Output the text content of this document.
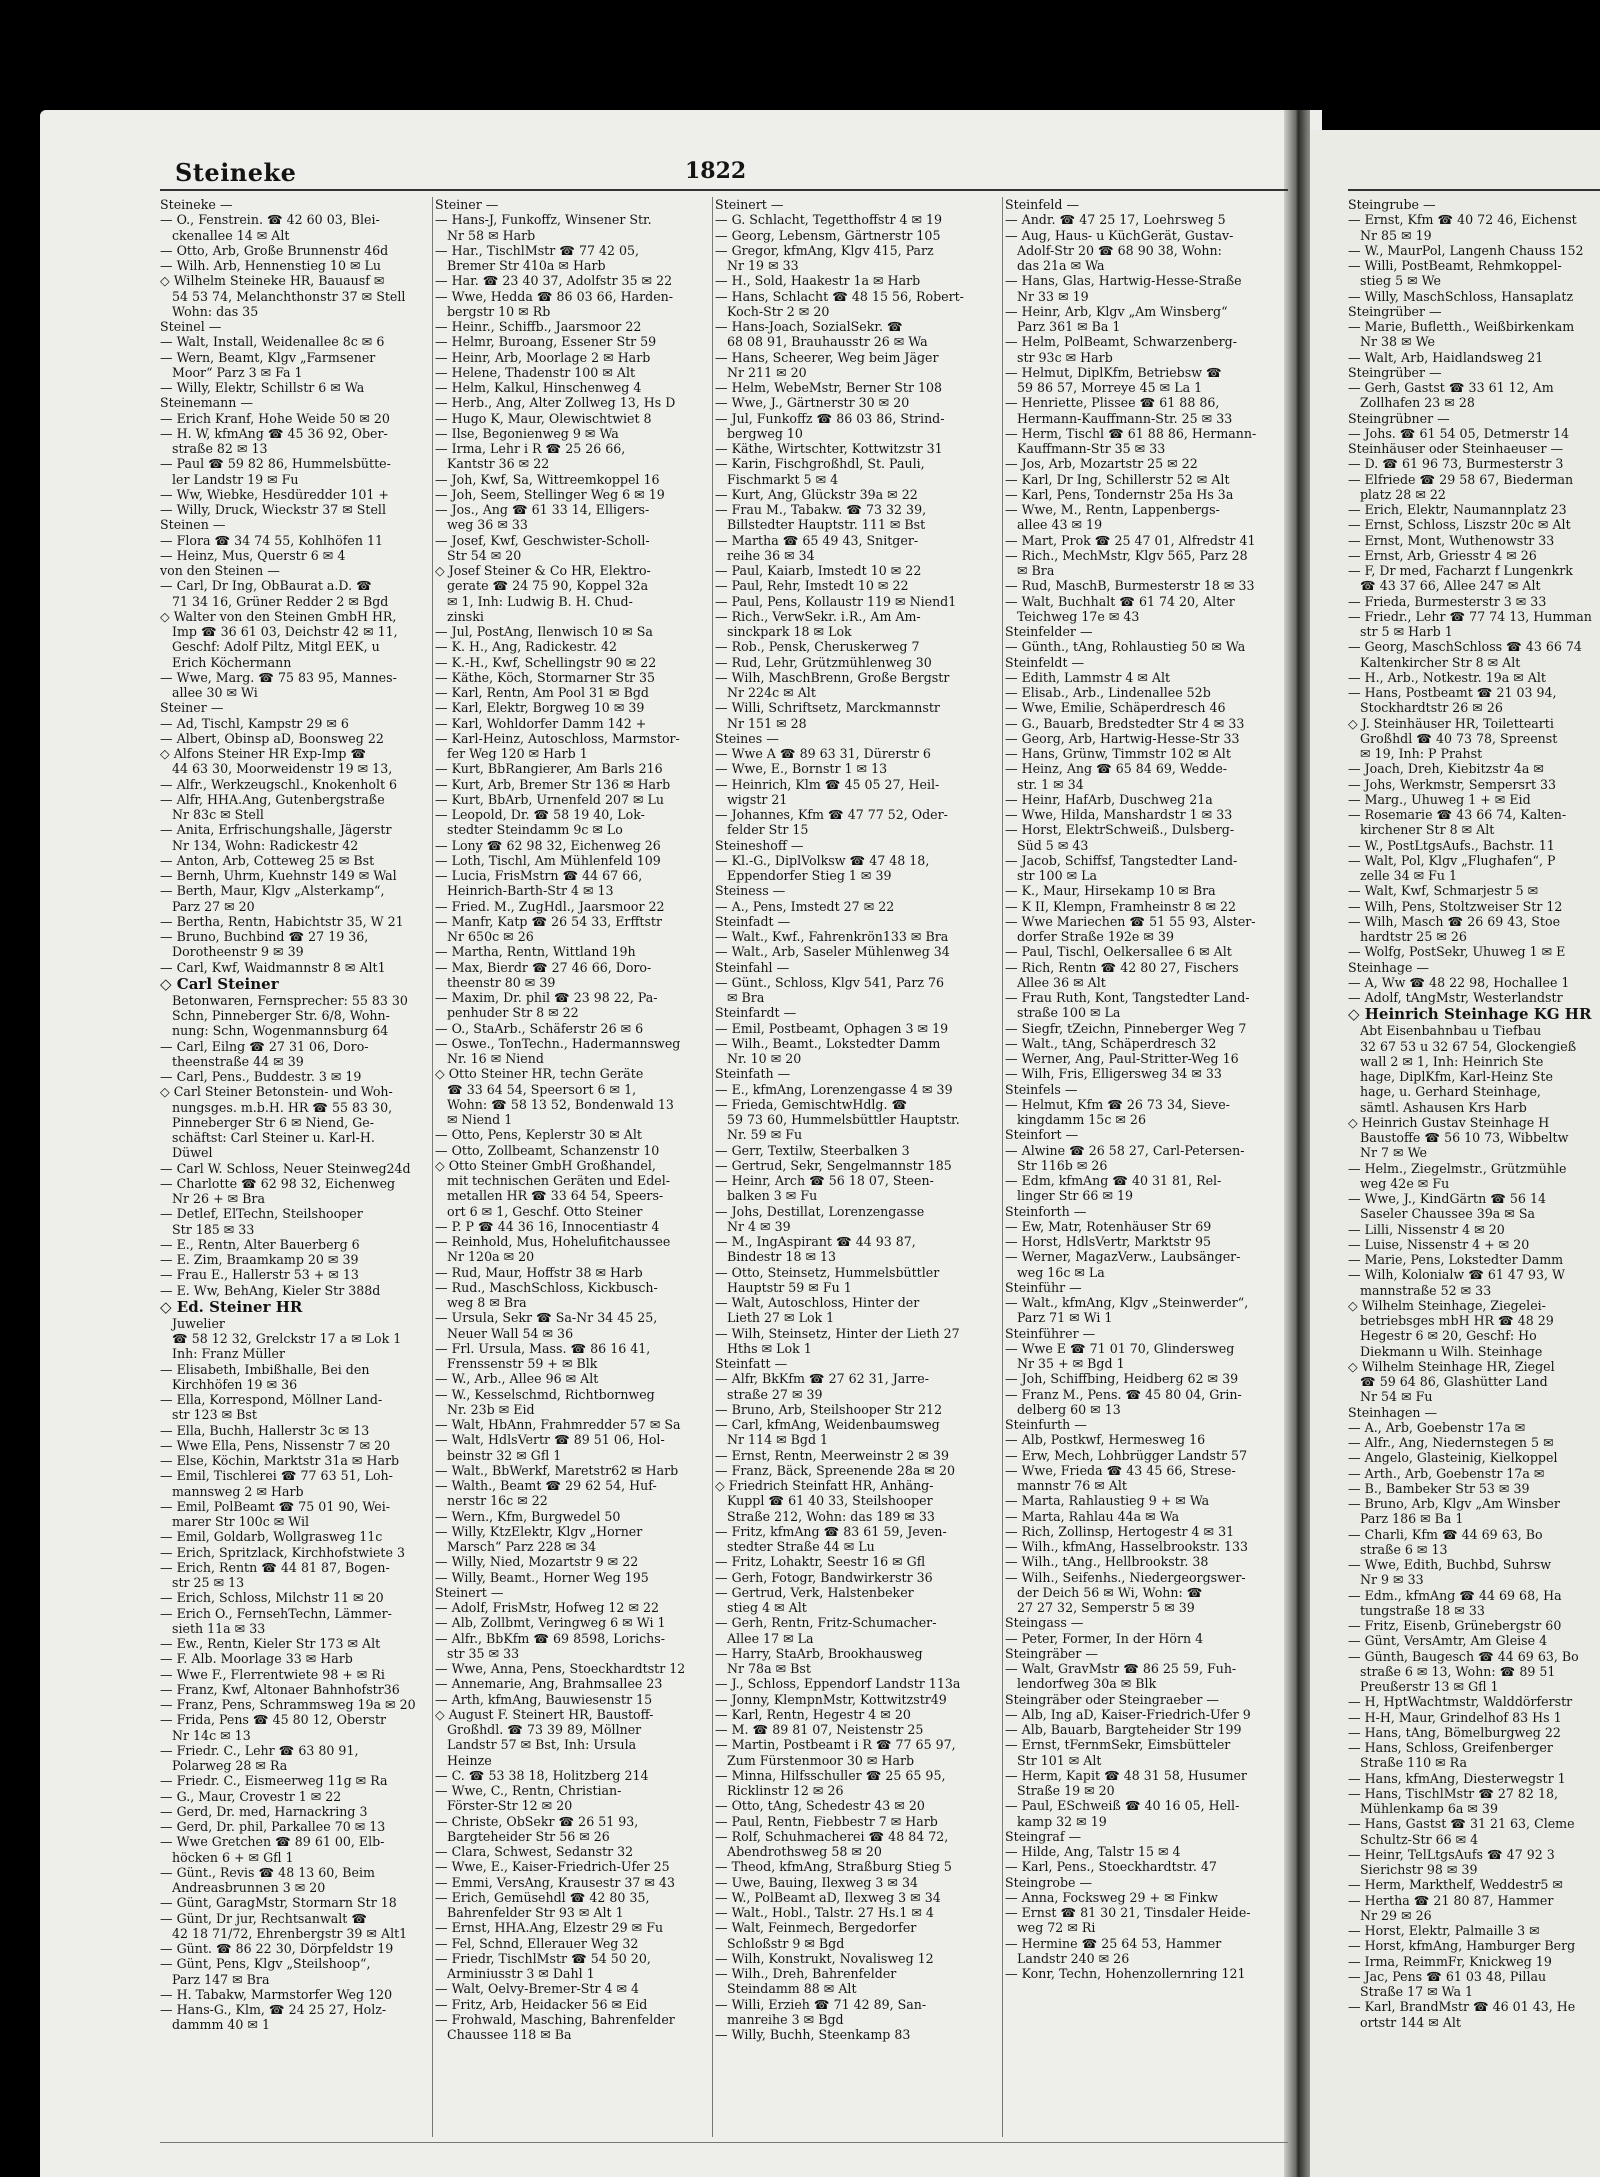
Steineke	1822
Steineke —
— O., Fenstrein. ☎ 42 60 03, Blei-
ckenallee 14 ✉ Alt
— Otto, Arb, Große Brunnenstr 46d
— Wilh. Arb, Hennenstieg 10 ✉ Lu
◇ Wilhelm Steineke HR, Bauausf ✉
54 53 74, Melanchthonstr 37 ✉ Stell
Wohn: das 35
Steinel —
— Walt, Install, Weidenallee 8c ✉ 6
— Wern, Beamt, Klgv „Farmsener
Moor“ Parz 3 ✉ Fa 1
— Willy, Elektr, Schillstr 6 ✉ Wa
Steinemann —
— Erich Kranf, Hohe Weide 50 ✉ 20
— H. W, kfmAng ☎ 45 36 92, Ober-
straße 82 ✉ 13
— Paul ☎ 59 82 86, Hummelsbütte-
ler Landstr 19 ✉ Fu
— Ww, Wiebke, Hesdüredder 101 +
— Willy, Druck, Wieckstr 37 ✉ Stell
Steinen —
— Flora ☎ 34 74 55, Kohlhöfen 11
— Heinz, Mus, Querstr 6 ✉ 4
von den Steinen —
— Carl, Dr Ing, ObBaurat a.D. ☎
71 34 16, Grüner Redder 2 ✉ Bgd
◇ Walter von den Steinen GmbH HR,
Imp ☎ 36 61 03, Deichstr 42 ✉ 11,
Geschf: Adolf Piltz, Mitgl EEK, u
Erich Köchermann
— Wwe, Marg. ☎ 75 83 95, Mannes-
allee 30 ✉ Wi
Steiner —
— Ad, Tischl, Kampstr 29 ✉ 6
— Albert, Obinsp aD, Boonsweg 22
◇ Alfons Steiner HR Exp-Imp ☎
44 63 30, Moorweidenstr 19 ✉ 13,
— Alfr., Werkzeugschl., Knokenholt 6
— Alfr, HHA.Ang, Gutenbergstraße
Nr 83c ✉ Stell
— Anita, Erfrischungshalle, Jägerstr
Nr 134, Wohn: Radickestr 42
— Anton, Arb, Cotteweg 25 ✉ Bst
— Bernh, Uhrm, Kuehnstr 149 ✉ Wal
— Berth, Maur, Klgv „Alsterkamp“,
Parz 27 ✉ 20
— Bertha, Rentn, Habichtstr 35, W 21
— Bruno, Buchbind ☎ 27 19 36,
Dorotheenstr 9 ✉ 39
— Carl, Kwf, Waidmannstr 8 ✉ Alt1
◇ Carl Steiner
Betonwaren, Fernsprecher: 55 83 30
Schn, Pinneberger Str. 6/8, Wohn-
nung: Schn, Wogenmannsburg 64
— Carl, Eilng ☎ 27 31 06, Doro-
theenstraße 44 ✉ 39
— Carl, Pens., Buddestr. 3 ✉ 19
◇ Carl Steiner Betonstein- und Woh-
nungsges. m.b.H. HR ☎ 55 83 30,
Pinneberger Str 6 ✉ Niend, Ge-
schäftst: Carl Steiner u. Karl-H.
Düwel
— Carl W. Schloss, Neuer Steinweg24d
— Charlotte ☎ 62 98 32, Eichenweg
Nr 26 + ✉ Bra
— Detlef, ElTechn, Steilshooper
Str 185 ✉ 33
— E., Rentn, Alter Bauerberg 6
— E. Zim, Braamkamp 20 ✉ 39
— Frau E., Hallerstr 53 + ✉ 13
— E. Ww, BehAng, Kieler Str 388d
◇ Ed. Steiner HR
Juwelier
☎ 58 12 32, Grelckstr 17 a ✉ Lok 1
Inh: Franz Müller
— Elisabeth, Imbißhalle, Bei den
Kirchhöfen 19 ✉ 36
— Ella, Korrespond, Möllner Land-
str 123 ✉ Bst
— Ella, Buchh, Hallerstr 3c ✉ 13
— Wwe Ella, Pens, Nissenstr 7 ✉ 20
— Else, Köchin, Marktstr 31a ✉ Harb
— Emil, Tischlerei ☎ 77 63 51, Loh-
mannsweg 2 ✉ Harb
— Emil, PolBeamt ☎ 75 01 90, Wei-
marer Str 100c ✉ Wil
— Emil, Goldarb, Wollgrasweg 11c
— Erich, Spritzlack, Kirchhofstwiete 3
— Erich, Rentn ☎ 44 81 87, Bogen-
str 25 ✉ 13
— Erich, Schloss, Milchstr 11 ✉ 20
— Erich O., FernsehTechn, Lämmer-
sieth 11a ✉ 33
— Ew., Rentn, Kieler Str 173 ✉ Alt
— F. Alb. Moorlage 33 ✉ Harb
— Wwe F., Flerrentwiete 98 + ✉ Ri
— Franz, Kwf, Altonaer Bahnhofstr36
— Franz, Pens, Schrammsweg 19a ✉ 20
— Frida, Pens ☎ 45 80 12, Oberstr
Nr 14c ✉ 13
— Friedr. C., Lehr ☎ 63 80 91,
Polarweg 28 ✉ Ra
— Friedr. C., Eismeerweg 11g ✉ Ra
— G., Maur, Crovestr 1 ✉ 22
— Gerd, Dr. med, Harnackring 3
— Gerd, Dr. phil, Parkallee 70 ✉ 13
— Wwe Gretchen ☎ 89 61 00, Elb-
höcken 6 + ✉ Gfl 1
— Günt., Revis ☎ 48 13 60, Beim
Andreasbrunnen 3 ✉ 20
— Günt, GaragMstr, Stormarn Str 18
— Günt, Dr jur, Rechtsanwalt ☎
42 18 71/72, Ehrenbergstr 39 ✉ Alt1
— Günt. ☎ 86 22 30, Dörpfeldstr 19
— Günt, Pens, Klgv „Steilshoop“,
Parz 147 ✉ Bra
— H. Tabakw, Marmstorfer Weg 120
— Hans-G., Klm, ☎ 24 25 27, Holz-
dammm 40 ✉ 1
Steiner —
— Hans-J, Funkoffz, Winsener Str.
Nr 58 ✉ Harb
— Har., TischlMstr ☎ 77 42 05,
Bremer Str 410a ✉ Harb
— Har. ☎ 23 40 37, Adolfstr 35 ✉ 22
— Wwe, Hedda ☎ 86 03 66, Harden-
bergstr 10 ✉ Rb
— Heinr., Schiffb., Jaarsmoor 22
— Helmr, Buroang, Essener Str 59
— Heinr, Arb, Moorlage 2 ✉ Harb
— Helene, Thadenstr 100 ✉ Alt
— Helm, Kalkul, Hinschenweg 4
— Herb., Ang, Alter Zollweg 13, Hs D
— Hugo K, Maur, Olewischtwiet 8
— Ilse, Begonienweg 9 ✉ Wa
— Irma, Lehr i R ☎ 25 26 66,
Kantstr 36 ✉ 22
— Joh, Kwf, Sa, Wittreemkoppel 16
— Joh, Seem, Stellinger Weg 6 ✉ 19
— Jos., Ang ☎ 61 33 14, Elligers-
weg 36 ✉ 33
— Josef, Kwf, Geschwister-Scholl-
Str 54 ✉ 20
◇ Josef Steiner & Co HR, Elektro-
gerate ☎ 24 75 90, Koppel 32a
✉ 1, Inh: Ludwig B. H. Chud-
zinski
— Jul, PostAng, Ilenwisch 10 ✉ Sa
— K. H., Ang, Radickestr. 42
— K.-H., Kwf, Schellingstr 90 ✉ 22
— Käthe, Köch, Stormarner Str 35
— Karl, Rentn, Am Pool 31 ✉ Bgd
— Karl, Elektr, Borgweg 10 ✉ 39
— Karl, Wohldorfer Damm 142 +
— Karl-Heinz, Autoschloss, Marmstor-
fer Weg 120 ✉ Harb 1
— Kurt, BbRangierer, Am Barls 216
— Kurt, Arb, Bremer Str 136 ✉ Harb
— Kurt, BbArb, Urnenfeld 207 ✉ Lu
— Leopold, Dr. ☎ 58 19 40, Lok-
stedter Steindamm 9c ✉ Lo
— Lony ☎ 62 98 32, Eichenweg 26
— Loth, Tischl, Am Mühlenfeld 109
— Lucia, FrisMstrn ☎ 44 67 66,
Heinrich-Barth-Str 4 ✉ 13
— Fried. M., ZugHdl., Jaarsmoor 22
— Manfr, Katp ☎ 26 54 33, Erfftstr
Nr 650c ✉ 26
— Martha, Rentn, Wittland 19h
— Max, Bierdr ☎ 27 46 66, Doro-
theenstr 80 ✉ 39
— Maxim, Dr. phil ☎ 23 98 22, Pa-
penhuder Str 8 ✉ 22
— O., StaArb., Schäferstr 26 ✉ 6
— Oswe., TonTechn., Hadermannsweg
Nr. 16 ✉ Niend
◇ Otto Steiner HR, techn Geräte
☎ 33 64 54, Speersort 6 ✉ 1,
Wohn: ☎ 58 13 52, Bondenwald 13
✉ Niend 1
— Otto, Pens, Keplerstr 30 ✉ Alt
— Otto, Zollbeamt, Schanzenstr 10
◇ Otto Steiner GmbH Großhandel,
mit technischen Geräten und Edel-
metallen HR ☎ 33 64 54, Speers-
ort 6 ✉ 1, Geschf. Otto Steiner
— P. P ☎ 44 36 16, Innocentiastr 4
— Reinhold, Mus, Hohelufitchaussee
Nr 120a ✉ 20
— Rud, Maur, Hoffstr 38 ✉ Harb
— Rud., MaschSchloss, Kickbusch-
weg 8 ✉ Bra
— Ursula, Sekr ☎ Sa-Nr 34 45 25,
Neuer Wall 54 ✉ 36
— Frl. Ursula, Mass. ☎ 86 16 41,
Frenssenstr 59 + ✉ Blk
— W., Arb., Allee 96 ✉ Alt
— W., Kesselschmd, Richtbornweg
Nr. 23b ✉ Eid
— Walt, HbAnn, Frahmredder 57 ✉ Sa
— Walt, HdlsVertr ☎ 89 51 06, Hol-
beinstr 32 ✉ Gfl 1
— Walt., BbWerkf, Maretstr62 ✉ Harb
— Walth., Beamt ☎ 29 62 54, Huf-
nerstr 16c ✉ 22
— Wern., Kfm, Burgwedel 50
— Willy, KtzElektr, Klgv „Horner
Marsch“ Parz 228 ✉ 34
— Willy, Nied, Mozartstr 9 ✉ 22
— Willy, Beamt., Horner Weg 195
Steinert —
— Adolf, FrisMstr, Hofweg 12 ✉ 22
— Alb, Zollbmt, Veringweg 6 ✉ Wi 1
— Alfr., BbKfm ☎ 69 8598, Lorichs-
str 35 ✉ 33
— Wwe, Anna, Pens, Stoeckhardtstr 12
— Annemarie, Ang, Brahmsallee 23
— Arth, kfmAng, Bauwiesenstr 15
◇ August F. Steinert HR, Baustoff-
Großhdl. ☎ 73 39 89, Möllner
Landstr 57 ✉ Bst, Inh: Ursula
Heinze
— C. ☎ 53 38 18, Holitzberg 214
— Wwe, C., Rentn, Christian-
Förster-Str 12 ✉ 20
— Christe, ObSekr ☎ 26 51 93,
Bargteheider Str 56 ✉ 26
— Clara, Schwest, Sedanstr 32
— Wwe, E., Kaiser-Friedrich-Ufer 25
— Emmi, VersAng, Krausestr 37 ✉ 43
— Erich, Gemüsehdl ☎ 42 80 35,
Bahrenfelder Str 93 ✉ Alt 1
— Ernst, HHA.Ang, Elzestr 29 ✉ Fu
— Fel, Schnd, Ellerauer Weg 32
— Friedr, TischlMstr ☎ 54 50 20,
Arminiusstr 3 ✉ Dahl 1
— Walt, Oelvy-Bremer-Str 4 ✉ 4
— Fritz, Arb, Heidacker 56 ✉ Eid
— Frohwald, Masching, Bahrenfelder
Chaussee 118 ✉ Ba
Steinert —
— G. Schlacht, Tegetthoffstr 4 ✉ 19
— Georg, Lebensm, Gärtnerstr 105
— Gregor, kfmAng, Klgv 415, Parz
Nr 19 ✉ 33
— H., Sold, Haakestr 1a ✉ Harb
— Hans, Schlacht ☎ 48 15 56, Robert-
Koch-Str 2 ✉ 20
— Hans-Joach, SozialSekr. ☎
68 08 91, Brauhausstr 26 ✉ Wa
— Hans, Scheerer, Weg beim Jäger
Nr 211 ✉ 20
— Helm, WebeMstr, Berner Str 108
— Wwe, J., Gärtnerstr 30 ✉ 20
— Jul, Funkoffz ☎ 86 03 86, Strind-
bergweg 10
— Käthe, Wirtschter, Kottwitzstr 31
— Karin, Fischgroßhdl, St. Pauli,
Fischmarkt 5 ✉ 4
— Kurt, Ang, Glückstr 39a ✉ 22
— Frau M., Tabakw. ☎ 73 32 39,
Billstedter Hauptstr. 111 ✉ Bst
— Martha ☎ 65 49 43, Snitger-
reihe 36 ✉ 34
— Paul, Kaiarb, Imstedt 10 ✉ 22
— Paul, Rehr, Imstedt 10 ✉ 22
— Paul, Pens, Kollaustr 119 ✉ Niend1
— Rich., VerwSekr. i.R., Am Am-
sinckpark 18 ✉ Lok
— Rob., Pensk, Cheruskerweg 7
— Rud, Lehr, Grützmühlenweg 30
— Wilh, MaschBrenn, Große Bergstr
Nr 224c ✉ Alt
— Willi, Schriftsetz, Marckmannstr
Nr 151 ✉ 28
Steines —
— Wwe A ☎ 89 63 31, Dürerstr 6
— Wwe, E., Bornstr 1 ✉ 13
— Heinrich, Klm ☎ 45 05 27, Heil-
wigstr 21
— Johannes, Kfm ☎ 47 77 52, Oder-
felder Str 15
Steineshoff —
— Kl.-G., DiplVolksw ☎ 47 48 18,
Eppendorfer Stieg 1 ✉ 39
Steiness —
— A., Pens, Imstedt 27 ✉ 22
Steinfadt —
— Walt., Kwf., Fahrenkrön133 ✉ Bra
— Walt., Arb, Saseler Mühlenweg 34
Steinfahl —
— Günt., Schloss, Klgv 541, Parz 76
✉ Bra
Steinfardt —
— Emil, Postbeamt, Ophagen 3 ✉ 19
— Wilh., Beamt., Lokstedter Damm
Nr. 10 ✉ 20
Steinfath —
— E., kfmAng, Lorenzengasse 4 ✉ 39
— Frieda, GemischtwHdlg. ☎
59 73 60, Hummelsbüttler Hauptstr.
Nr. 59 ✉ Fu
— Gerr, Textilw, Steerbalken 3
— Gertrud, Sekr, Sengelmannstr 185
— Heinr, Arch ☎ 56 18 07, Steen-
balken 3 ✉ Fu
— Johs, Destillat, Lorenzengasse
Nr 4 ✉ 39
— M., IngAspirant ☎ 44 93 87,
Bindestr 18 ✉ 13
— Otto, Steinsetz, Hummelsbüttler
Hauptstr 59 ✉ Fu 1
— Walt, Autoschloss, Hinter der
Lieth 27 ✉ Lok 1
— Wilh, Steinsetz, Hinter der Lieth 27
Hths ✉ Lok 1
Steinfatt —
— Alfr, BkKfm ☎ 27 62 31, Jarre-
straße 27 ✉ 39
— Bruno, Arb, Steilshooper Str 212
— Carl, kfmAng, Weidenbaumsweg
Nr 114 ✉ Bgd 1
— Ernst, Rentn, Meerweinstr 2 ✉ 39
— Franz, Bäck, Spreenende 28a ✉ 20
◇ Friedrich Steinfatt HR, Anhäng-
Kuppl ☎ 61 40 33, Steilshooper
Straße 212, Wohn: das 189 ✉ 33
— Fritz, kfmAng ☎ 83 61 59, Jeven-
stedter Straße 44 ✉ Lu
— Fritz, Lohaktr, Seestr 16 ✉ Gfl
— Gerh, Fotogr, Bandwirkerstr 36
— Gertrud, Verk, Halstenbeker
stieg 4 ✉ Alt
— Gerh, Rentn, Fritz-Schumacher-
Allee 17 ✉ La
— Harry, StaArb, Brookhausweg
Nr 78a ✉ Bst
— J., Schloss, Eppendorf Landstr 113a
— Jonny, KlempnMstr, Kottwitzstr49
— Karl, Rentn, Hegestr 4 ✉ 20
— M. ☎ 89 81 07, Neistenstr 25
— Martin, Postbeamt i R ☎ 77 65 97,
Zum Fürstenmoor 30 ✉ Harb
— Minna, Hilfsschuller ☎ 25 65 95,
Ricklinstr 12 ✉ 26
— Otto, tAng, Schedestr 43 ✉ 20
— Paul, Rentn, Fiebbestr 7 ✉ Harb
— Rolf, Schuhmacherei ☎ 48 84 72,
Abendrothsweg 58 ✉ 20
— Theod, kfmAng, Straßburg Stieg 5
— Uwe, Bauing, Ilexweg 3 ✉ 34
— W., PolBeamt aD, Ilexweg 3 ✉ 34
— Walt., Hobl., Talstr. 27 Hs.1 ✉ 4
— Walt, Feinmech, Bergedorfer
Schloßstr 9 ✉ Bgd
— Wilh, Konstrukt, Novalisweg 12
— Wilh., Dreh, Bahrenfelder
Steindamm 88 ✉ Alt
— Willi, Erzieh ☎ 71 42 89, San-
manreihe 3 ✉ Bgd
— Willy, Buchh, Steenkamp 83
Steinfeld —
— Andr. ☎ 47 25 17, Loehrsweg 5
— Aug, Haus- u KüchGerät, Gustav-
Adolf-Str 20 ☎ 68 90 38, Wohn:
das 21a ✉ Wa
— Hans, Glas, Hartwig-Hesse-Straße
Nr 33 ✉ 19
— Heinr, Arb, Klgv „Am Winsberg“
Parz 361 ✉ Ba 1
— Helm, PolBeamt, Schwarzenberg-
str 93c ✉ Harb
— Helmut, DiplKfm, Betriebsw ☎
59 86 57, Morreye 45 ✉ La 1
— Henriette, Plissee ☎ 61 88 86,
Hermann-Kauffmann-Str. 25 ✉ 33
— Herm, Tischl ☎ 61 88 86, Hermann-
Kauffmann-Str 35 ✉ 33
— Jos, Arb, Mozartstr 25 ✉ 22
— Karl, Dr Ing, Schillerstr 52 ✉ Alt
— Karl, Pens, Tondernstr 25a Hs 3a
— Wwe, M., Rentn, Lappenbergs-
allee 43 ✉ 19
— Mart, Prok ☎ 25 47 01, Alfredstr 41
— Rich., MechMstr, Klgv 565, Parz 28
✉ Bra
— Rud, MaschB, Burmesterstr 18 ✉ 33
— Walt, Buchhalt ☎ 61 74 20, Alter
Teichweg 17e ✉ 43
Steinfelder —
— Günth., tAng, Rohlaustieg 50 ✉ Wa
Steinfeldt —
— Edith, Lammstr 4 ✉ Alt
— Elisab., Arb., Lindenallee 52b
— Wwe, Emilie, Schäperdresch 46
— G., Bauarb, Bredstedter Str 4 ✉ 33
— Georg, Arb, Hartwig-Hesse-Str 33
— Hans, Grünw, Timmstr 102 ✉ Alt
— Heinz, Ang ☎ 65 84 69, Wedde-
str. 1 ✉ 34
— Heinr, HafArb, Duschweg 21a
— Wwe, Hilda, Manshardstr 1 ✉ 33
— Horst, ElektrSchweiß., Dulsberg-
Süd 5 ✉ 43
— Jacob, Schiffsf, Tangstedter Land-
str 100 ✉ La
— K., Maur, Hirsekamp 10 ✉ Bra
— K II, Klempn, Framheinstr 8 ✉ 22
— Wwe Mariechen ☎ 51 55 93, Alster-
dorfer Straße 192e ✉ 39
— Paul, Tischl, Oelkersallee 6 ✉ Alt
— Rich, Rentn ☎ 42 80 27, Fischers
Allee 36 ✉ Alt
— Frau Ruth, Kont, Tangstedter Land-
straße 100 ✉ La
— Siegfr, tZeichn, Pinneberger Weg 7
— Walt., tAng, Schäperdresch 32
— Werner, Ang, Paul-Stritter-Weg 16
— Wilh, Fris, Elligersweg 34 ✉ 33
Steinfels —
— Helmut, Kfm ☎ 26 73 34, Sieve-
kingdamm 15c ✉ 26
Steinfort —
— Alwine ☎ 26 58 27, Carl-Petersen-
Str 116b ✉ 26
— Edm, kfmAng ☎ 40 31 81, Rel-
linger Str 66 ✉ 19
Steinforth —
— Ew, Matr, Rotenhäuser Str 69
— Horst, HdlsVertr, Marktstr 95
— Werner, MagazVerw., Laubsänger-
weg 16c ✉ La
Steinführ —
— Walt., kfmAng, Klgv „Steinwerder“,
Parz 71 ✉ Wi 1
Steinführer —
— Wwe E ☎ 71 01 70, Glindersweg
Nr 35 + ✉ Bgd 1
— Joh, Schiffbing, Heidberg 62 ✉ 39
— Franz M., Pens. ☎ 45 80 04, Grin-
delberg 60 ✉ 13
Steinfurth —
— Alb, Postkwf, Hermesweg 16
— Erw, Mech, Lohbrügger Landstr 57
— Wwe, Frieda ☎ 43 45 66, Strese-
mannstr 76 ✉ Alt
— Marta, Rahlaustieg 9 + ✉ Wa
— Marta, Rahlau 44a ✉ Wa
— Rich, Zollinsp, Hertogestr 4 ✉ 31
— Wilh., kfmAng, Hasselbrookstr. 133
— Wilh., tAng., Hellbrookstr. 38
— Wilh., Seifenhs., Niedergeorgswer-
der Deich 56 ✉ Wi, Wohn: ☎
27 27 32, Semperstr 5 ✉ 39
Steingass —
— Peter, Former, In der Hörn 4
Steingräber —
— Walt, GravMstr ☎ 86 25 59, Fuh-
lendorfweg 30a ✉ Blk
Steingräber oder Steingraeber —
— Alb, Ing aD, Kaiser-Friedrich-Ufer 9
— Alb, Bauarb, Bargteheider Str 199
— Ernst, tFernmSekr, Eimsbütteler
Str 101 ✉ Alt
— Herm, Kapit ☎ 48 31 58, Husumer
Straße 19 ✉ 20
— Paul, ESchweiß ☎ 40 16 05, Hell-
kamp 32 ✉ 19
Steingraf —
— Hilde, Ang, Talstr 15 ✉ 4
— Karl, Pens., Stoeckhardtstr. 47
Steingrobe —
— Anna, Focksweg 29 + ✉ Finkw
— Ernst ☎ 81 30 21, Tinsdaler Heide-
weg 72 ✉ Ri
— Hermine ☎ 25 64 53, Hammer
Landstr 240 ✉ 26
— Konr, Techn, Hohenzollernring 121
Steingrube —
— Ernst, Kfm ☎ 40 72 46, Eichenst
Nr 85 ✉ 19
— W., MaurPol, Langenh Chauss 152
— Willi, PostBeamt, Rehmkoppel-
stieg 5 ✉ We
— Willy, MaschSchloss, Hansaplatz
Steingrüber —
— Marie, Bufletth., Weißbirkenkam
Nr 38 ✉ We
— Walt, Arb, Haidlandsweg 21
Steingrüber —
— Gerh, Gastst ☎ 33 61 12, Am
Zollhafen 23 ✉ 28
Steingrübner —
— Johs. ☎ 61 54 05, Detmerstr 14
Steinhäuser oder Steinhaeuser —
— D. ☎ 61 96 73, Burmesterstr 3
— Elfriede ☎ 29 58 67, Biederman
platz 28 ✉ 22
— Erich, Elektr, Naumannplatz 23
— Ernst, Schloss, Liszstr 20c ✉ Alt
— Ernst, Mont, Wuthenowstr 33
— Ernst, Arb, Griesstr 4 ✉ 26
— F, Dr med, Facharzt f Lungenkrk
☎ 43 37 66, Allee 247 ✉ Alt
— Frieda, Burmesterstr 3 ✉ 33
— Friedr., Lehr ☎ 77 74 13, Humman
str 5 ✉ Harb 1
— Georg, MaschSchloss ☎ 43 66 74
Kaltenkircher Str 8 ✉ Alt
— H., Arb., Notkestr. 19a ✉ Alt
— Hans, Postbeamt ☎ 21 03 94,
Stockhardtstr 26 ✉ 26
◇ J. Steinhäuser HR, Toilettearti
Großhdl ☎ 40 73 78, Spreenst
✉ 19, Inh: P Prahst
— Joach, Dreh, Kiebitzstr 4a ✉
— Johs, Werkmstr, Sempersrt 33
— Marg., Uhuweg 1 + ✉ Eid
— Rosemarie ☎ 43 66 74, Kalten-
kirchener Str 8 ✉ Alt
— W., PostLtgsAufs., Bachstr. 11
— Walt, Pol, Klgv „Flughafen“, P
zelle 34 ✉ Fu 1
— Walt, Kwf, Schmarjestr 5 ✉
— Wilh, Pens, Stoltzweiser Str 12
— Wilh, Masch ☎ 26 69 43, Stoe
hardtstr 25 ✉ 26
— Wolfg, PostSekr, Uhuweg 1 ✉ E
Steinhage —
— A, Ww ☎ 48 22 98, Hochallee 1
— Adolf, tAngMstr, Westerlandstr
◇ Heinrich Steinhage KG HR
Abt Eisenbahnbau u Tiefbau
32 67 53 u 32 67 54, Glockengieß
wall 2 ✉ 1, Inh: Heinrich Ste
hage, DiplKfm, Karl-Heinz Ste
hage, u. Gerhard Steinhage,
sämtl. Ashausen Krs Harb
◇ Heinrich Gustav Steinhage H
Baustoffe ☎ 56 10 73, Wibbeltw
Nr 7 ✉ We
— Helm., Ziegelmstr., Grützmühle
weg 42e ✉ Fu
— Wwe, J., KindGärtn ☎ 56 14
Saseler Chaussee 39a ✉ Sa
— Lilli, Nissenstr 4 ✉ 20
— Luise, Nissenstr 4 + ✉ 20
— Marie, Pens, Lokstedter Damm
— Wilh, Kolonialw ☎ 61 47 93, W
mannstraße 52 ✉ 33
◇ Wilhelm Steinhage, Ziegelei-
betriebsges mbH HR ☎ 48 29
Hegestr 6 ✉ 20, Geschf: Ho
Diekmann u Wilh. Steinhage
◇ Wilhelm Steinhage HR, Ziegel
☎ 59 64 86, Glashütter Land
Nr 54 ✉ Fu
Steinhagen —
— A., Arb, Goebenstr 17a ✉
— Alfr., Ang, Niedernstegen 5 ✉
— Angelo, Glasteinig, Kielkoppel
— Arth., Arb, Goebenstr 17a ✉
— B., Bambeker Str 53 ✉ 39
— Bruno, Arb, Klgv „Am Winsber
Parz 186 ✉ Ba 1
— Charli, Kfm ☎ 44 69 63, Bo
straße 6 ✉ 13
— Wwe, Edith, Buchbd, Suhrsw
Nr 9 ✉ 33
— Edm., kfmAng ☎ 44 69 68, Ha
tungstraße 18 ✉ 33
— Fritz, Eisenb, Grünebergstr 60
— Günt, VersAmtr, Am Gleise 4
— Günth, Baugesch ☎ 44 69 63, Bo
straße 6 ✉ 13, Wohn: ☎ 89 51
Preußerstr 13 ✉ Gfl 1
— H, HptWachtmstr, Walddörferstr
— H-H, Maur, Grindelhof 83 Hs 1
— Hans, tAng, Bömelburgweg 22
— Hans, Schloss, Greifenberger
Straße 110 ✉ Ra
— Hans, kfmAng, Diesterwegstr 1
— Hans, TischlMstr ☎ 27 82 18,
Mühlenkamp 6a ✉ 39
— Hans, Gastst ☎ 31 21 63, Cleme
Schultz-Str 66 ✉ 4
— Heinr, TelLtgsAufs ☎ 47 92 3
Sierichstr 98 ✉ 39
— Herm, Markthelf, Weddestr5 ✉
— Hertha ☎ 21 80 87, Hammer
Nr 29 ✉ 26
— Horst, Elektr, Palmaille 3 ✉
— Horst, kfmAng, Hamburger Berg
— Irma, ReimmFr, Knickweg 19
— Jac, Pens ☎ 61 03 48, Pillau
Straße 17 ✉ Wa 1
— Karl, BrandMstr ☎ 46 01 43, He
ortstr 144 ✉ Alt
